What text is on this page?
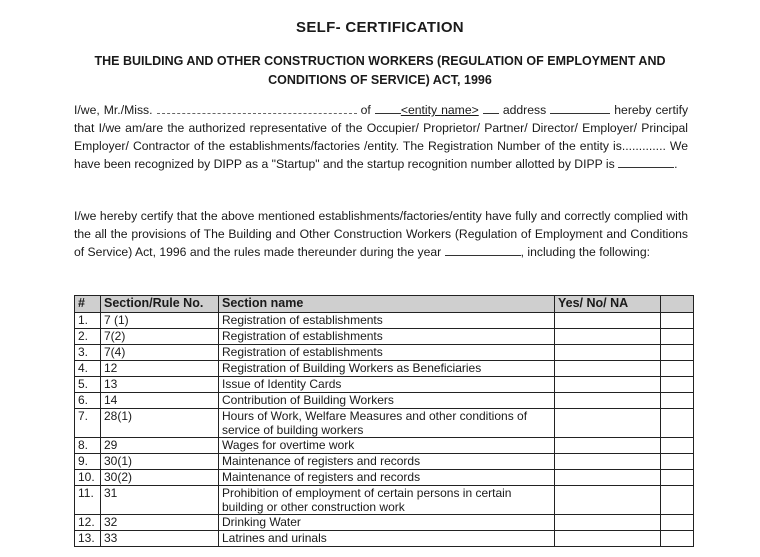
SELF- CERTIFICATION
THE BUILDING AND OTHER CONSTRUCTION WORKERS (REGULATION OF EMPLOYMENT AND
CONDITIONS OF SERVICE) ACT, 1996
I/we, Mr./Miss.	of <entity name> address	hereby certify that I/we am/are the authorized representative of the Occupier/ Proprietor/ Partner/ Director/ Employer/ Principal Employer/ Contractor of the establishments/factories /entity. The Registration Number of the entity is............. We have been recognized by DIPP as a "Startup" and the startup recognition number allotted by DIPP is	.
I/we hereby certify that the above mentioned establishments/factories/entity have fully and correctly complied with the all the provisions of The Building and Other Construction Workers (Regulation of Employment and Conditions of Service) Act, 1996 and the rules made thereunder during the year	, including the following:
#	Section/Rule No.	Section name	Yes/ No/ NA	
1.	7 (1)	Registration of establishments		
2.	7(2)	Registration of establishments		
3.	7(4)	Registration of establishments		
4.	12	Registration of Building Workers as Beneficiaries		
5.	13	Issue of Identity Cards		
6.	14	Contribution of Building Workers		
7.	28(1)	Hours of Work, Welfare Measures and other conditions of service of building workers		
8.	29	Wages for overtime work		
9.	30(1)	Maintenance of registers and records		
10.	30(2)	Maintenance of registers and records		
11.	31	Prohibition of employment of certain persons in certain building or other construction work		
12.	32	Drinking Water		
13.	33	Latrines and urinals		
